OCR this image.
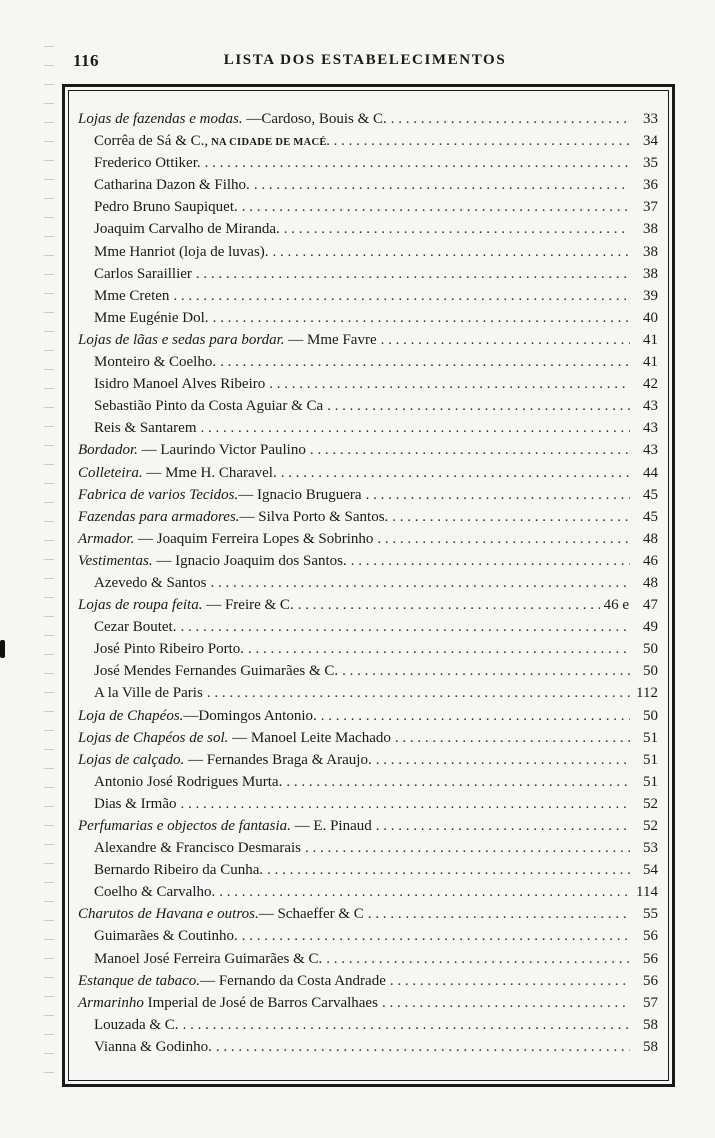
116	LISTA DOS ESTABELECIMENTOS
Lojas de fazendas e modas. —Cardoso, Bouis & C. . . .	33
Corrêa de Sá & C., NA CIDADE DE MACÉ. . . .	34
Frederico Ottiker. . . .	35
Catharina Dazon & Filho. . . .	36
Pedro Bruno Saupiquet. . . .	37
Joaquim Carvalho de Miranda. . . .	38
Mme Hanriot (loja de luvas). . . .	38
Carlos Saraillier . . .	38
Mme Creten . . .	39
Mme Eugénie Dol. . . .	40
Lojas de lãas e sedas para bordar. — Mme Favre . . .	41
Monteiro & Coelho. . . .	41
Isidro Manoel Alves Ribeiro . . .	42
Sebastião Pinto da Costa Aguiar & Ca . . .	43
Reis & Santarem . . .	43
Bordador. — Laurindo Victor Paulino . . .	43
Colleteira. — Mme H. Charavel. . . .	44
Fabrica de varios Tecidos.— Ignacio Bruguera . . .	45
Fazendas para armadores.— Silva Porto & Santos. . . .	45
Armador. — Joaquim Ferreira Lopes & Sobrinho . . .	48
Vestimentas. — Ignacio Joaquim dos Santos. . . .	46
Azevedo & Santos . . .	48
Lojas de roupa feita. — Freire & C. . . .	46 e 47
Cezar Boutet. . . .	49
José Pinto Ribeiro Porto. . . .	50
José Mendes Fernandes Guimarães & C. . . .	50
A la Ville de Paris . . .	112
Loja de Chapéos.—Domingos Antonio. . . .	50
Lojas de Chapéos de sol. — Manoel Leite Machado . . .	51
Lojas de calçado. — Fernandes Braga & Araujo. . . .	51
Antonio José Rodrigues Murta. . . .	51
Dias & Irmão . . .	52
Perfumarias e objectos de fantasia. — E. Pinaud . . .	52
Alexandre & Francisco Desmarais . . .	53
Bernardo Ribeiro da Cunha. . . .	54
Coelho & Carvalho. . . .	114
Charutos de Havana e outros.— Schaeffer & C . . .	55
Guimarães & Coutinho. . . .	56
Manoel José Ferreira Guimarães & C. . . .	56
Estanque de tabaco.— Fernando da Costa Andrade . . .	56
Armarinho Imperial de José de Barros Carvalhaes . . .	57
Louzada & C. . . .	58
Vianna & Godinho. . . .	58
